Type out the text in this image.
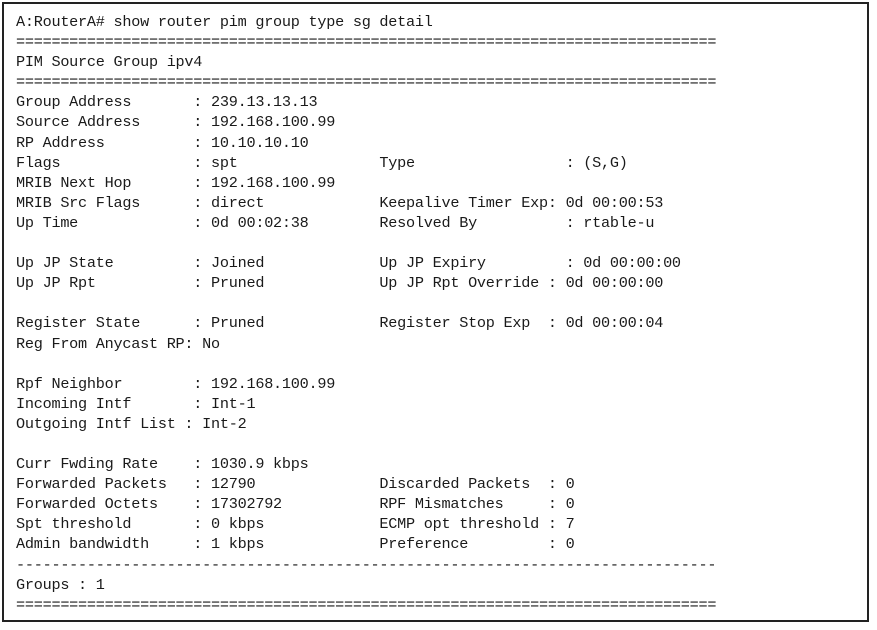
A:RouterA# show router pim group type sg detail
===============================================================================
PIM Source Group ipv4
===============================================================================
Group Address       : 239.13.13.13
Source Address      : 192.168.100.99
RP Address          : 10.10.10.10
Flags               : spt                Type                 : (S,G)
MRIB Next Hop       : 192.168.100.99
MRIB Src Flags      : direct             Keepalive Timer Exp: 0d 00:00:53
Up Time             : 0d 00:02:38        Resolved By          : rtable-u
Up JP State         : Joined             Up JP Expiry         : 0d 00:00:00
Up JP Rpt           : Pruned             Up JP Rpt Override : 0d 00:00:00
Register State      : Pruned             Register Stop Exp  : 0d 00:00:04
Reg From Anycast RP: No
Rpf Neighbor        : 192.168.100.99
Incoming Intf       : Int-1
Outgoing Intf List : Int-2
Curr Fwding Rate    : 1030.9 kbps
Forwarded Packets   : 12790              Discarded Packets  : 0
Forwarded Octets    : 17302792           RPF Mismatches     : 0
Spt threshold       : 0 kbps             ECMP opt threshold : 7
Admin bandwidth     : 1 kbps             Preference         : 0
-------------------------------------------------------------------------------
Groups : 1
===============================================================================
